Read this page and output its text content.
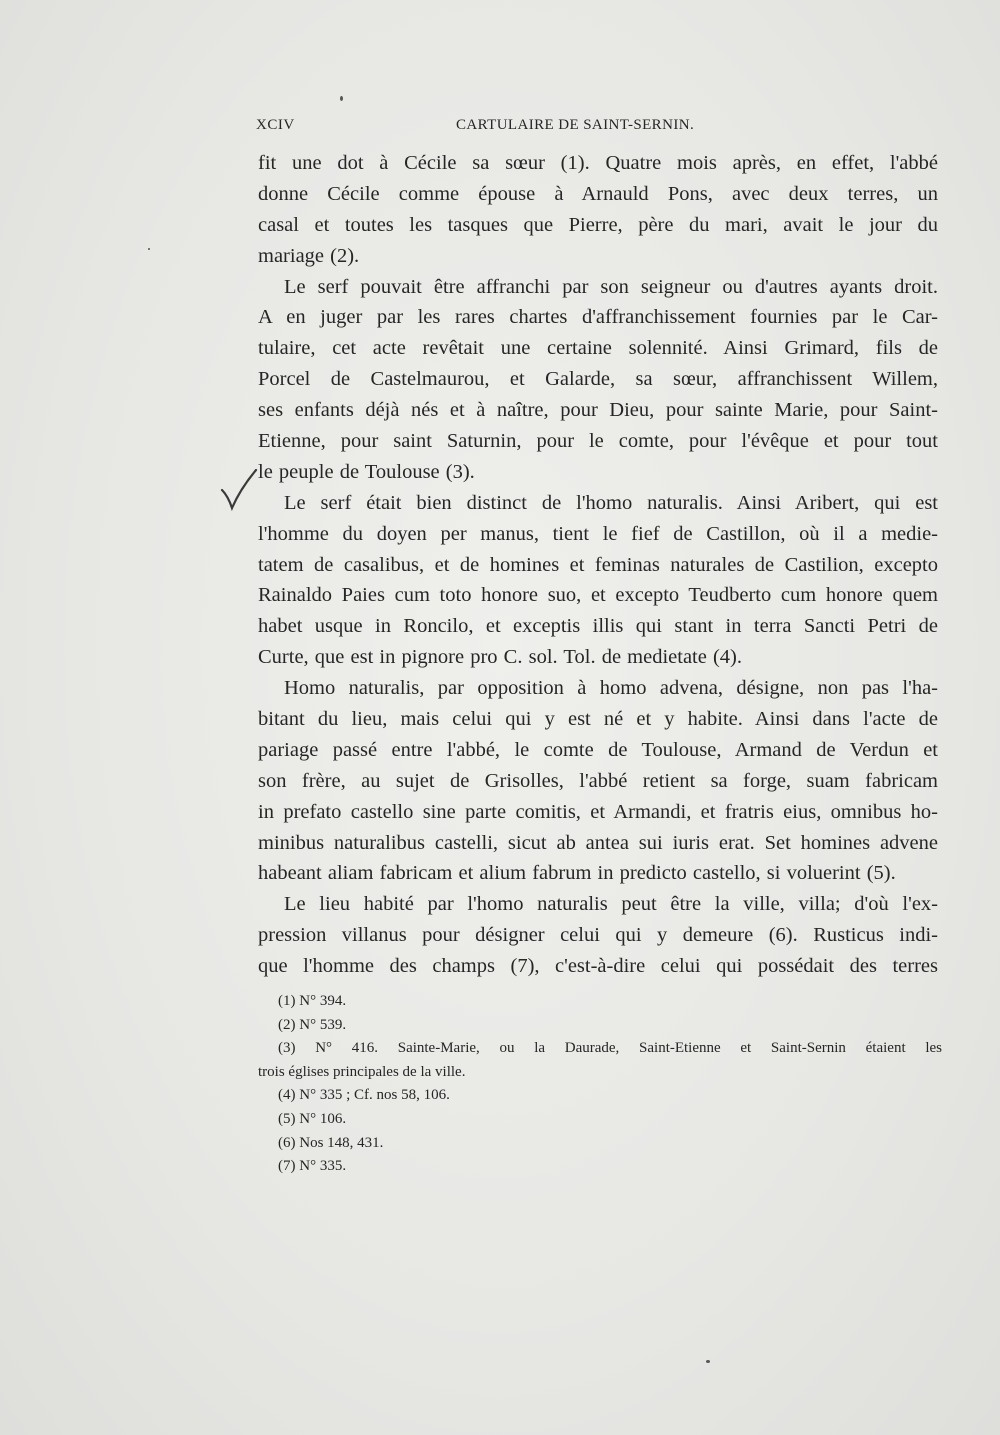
XCIV	CARTULAIRE DE SAINT-SERNIN.
fit une dot à Cécile sa sœur (1). Quatre mois après, en effet, l'abbé
donne Cécile comme épouse à Arnauld Pons, avec deux terres, un
casal et toutes les tasques que Pierre, père du mari, avait le jour du
mariage (2).
Le serf pouvait être affranchi par son seigneur ou d'autres ayants droit.
A en juger par les rares chartes d'affranchissement fournies par le Car-
tulaire, cet acte revêtait une certaine solennité. Ainsi Grimard, fils de
Porcel de Castelmaurou, et Galarde, sa sœur, affranchissent Willem,
ses enfants déjà nés et à naître, pour Dieu, pour sainte Marie, pour Saint-
Etienne, pour saint Saturnin, pour le comte, pour l'évêque et pour tout
le peuple de Toulouse (3).
Le serf était bien distinct de l'homo naturalis. Ainsi Aribert, qui est
l'homme du doyen per manus, tient le fief de Castillon, où il a medie-
tatem de casalibus, et de homines et feminas naturales de Castilion, excepto
Rainaldo Paies cum toto honore suo, et excepto Teudberto cum honore quem
habet usque in Roncilo, et exceptis illis qui stant in terra Sancti Petri de
Curte, que est in pignore pro C. sol. Tol. de medietate (4).
Homo naturalis, par opposition à homo advena, désigne, non pas l'ha-
bitant du lieu, mais celui qui y est né et y habite. Ainsi dans l'acte de
pariage passé entre l'abbé, le comte de Toulouse, Armand de Verdun et
son frère, au sujet de Grisolles, l'abbé retient sa forge, suam fabricam
in prefato castello sine parte comitis, et Armandi, et fratris eius, omnibus ho-
minibus naturalibus castelli, sicut ab antea sui iuris erat. Set homines advene
habeant aliam fabricam et alium fabrum in predicto castello, si voluerint (5).
Le lieu habité par l'homo naturalis peut être la ville, villa; d'où l'ex-
pression villanus pour désigner celui qui y demeure (6). Rusticus indi-
que l'homme des champs (7), c'est-à-dire celui qui possédait des terres
(1) N° 394.
(2) N° 539.
(3) N° 416. Sainte-Marie, ou la Daurade, Saint-Etienne et Saint-Sernin étaient les
trois églises principales de la ville.
(4) N° 335 ; Cf. nos 58, 106.
(5) N° 106.
(6) Nos 148, 431.
(7) N° 335.
